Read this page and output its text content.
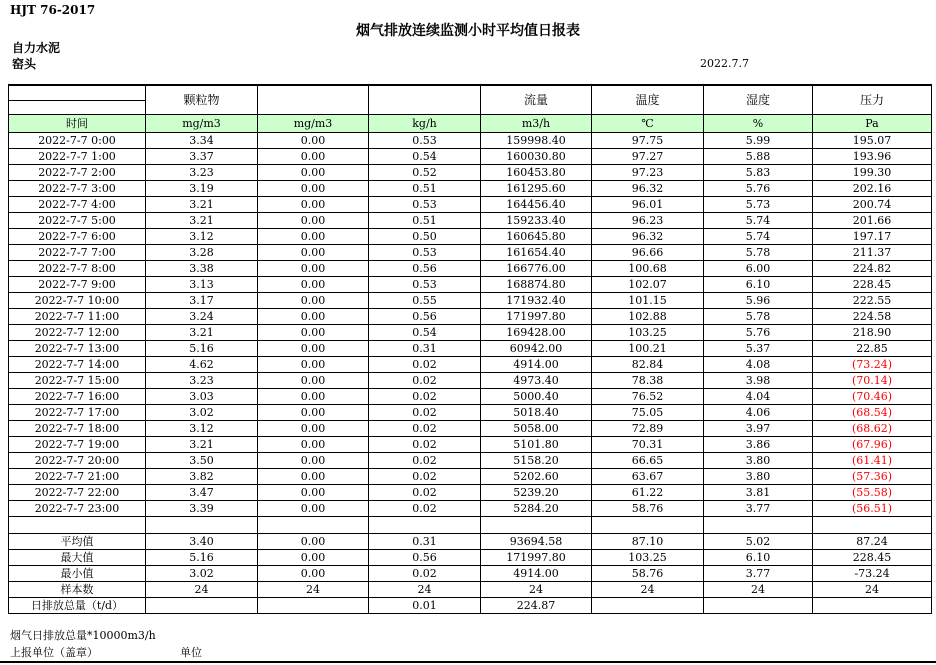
HJT 76-2017
烟气排放连续监测小时平均值日报表
自力水泥
窑头	2022.7.7
	颗粒物			流量	温度	湿度	压力

时间	mg/m3	mg/m3	kg/h	m3/h	℃	%	Pa
2022-7-7 0:00	3.34	0.00	0.53	159998.40	97.75	5.99	195.07
2022-7-7 1:00	3.37	0.00	0.54	160030.80	97.27	5.88	193.96
2022-7-7 2:00	3.23	0.00	0.52	160453.80	97.23	5.83	199.30
2022-7-7 3:00	3.19	0.00	0.51	161295.60	96.32	5.76	202.16
2022-7-7 4:00	3.21	0.00	0.53	164456.40	96.01	5.73	200.74
2022-7-7 5:00	3.21	0.00	0.51	159233.40	96.23	5.74	201.66
2022-7-7 6:00	3.12	0.00	0.50	160645.80	96.32	5.74	197.17
2022-7-7 7:00	3.28	0.00	0.53	161654.40	96.66	5.78	211.37
2022-7-7 8:00	3.38	0.00	0.56	166776.00	100.68	6.00	224.82
2022-7-7 9:00	3.13	0.00	0.53	168874.80	102.07	6.10	228.45
2022-7-7 10:00	3.17	0.00	0.55	171932.40	101.15	5.96	222.55
2022-7-7 11:00	3.24	0.00	0.56	171997.80	102.88	5.78	224.58
2022-7-7 12:00	3.21	0.00	0.54	169428.00	103.25	5.76	218.90
2022-7-7 13:00	5.16	0.00	0.31	60942.00	100.21	5.37	22.85
2022-7-7 14:00	4.62	0.00	0.02	4914.00	82.84	4.08	(73.24)
2022-7-7 15:00	3.23	0.00	0.02	4973.40	78.38	3.98	(70.14)
2022-7-7 16:00	3.03	0.00	0.02	5000.40	76.52	4.04	(70.46)
2022-7-7 17:00	3.02	0.00	0.02	5018.40	75.05	4.06	(68.54)
2022-7-7 18:00	3.12	0.00	0.02	5058.00	72.89	3.97	(68.62)
2022-7-7 19:00	3.21	0.00	0.02	5101.80	70.31	3.86	(67.96)
2022-7-7 20:00	3.50	0.00	0.02	5158.20	66.65	3.80	(61.41)
2022-7-7 21:00	3.82	0.00	0.02	5202.60	63.67	3.80	(57.36)
2022-7-7 22:00	3.47	0.00	0.02	5239.20	61.22	3.81	(55.58)
2022-7-7 23:00	3.39	0.00	0.02	5284.20	58.76	3.77	(56.51)

平均值	3.40	0.00	0.31	93694.58	87.10	5.02	87.24
最大值	5.16	0.00	0.56	171997.80	103.25	6.10	228.45
最小值	3.02	0.00	0.02	4914.00	58.76	3.77	-73.24
样本数	24	24	24	24	24	24	24
日排放总量（t/d）			0.01	224.87			
烟气日排放总量*10000m3/h
上报单位（盖章）	单位
